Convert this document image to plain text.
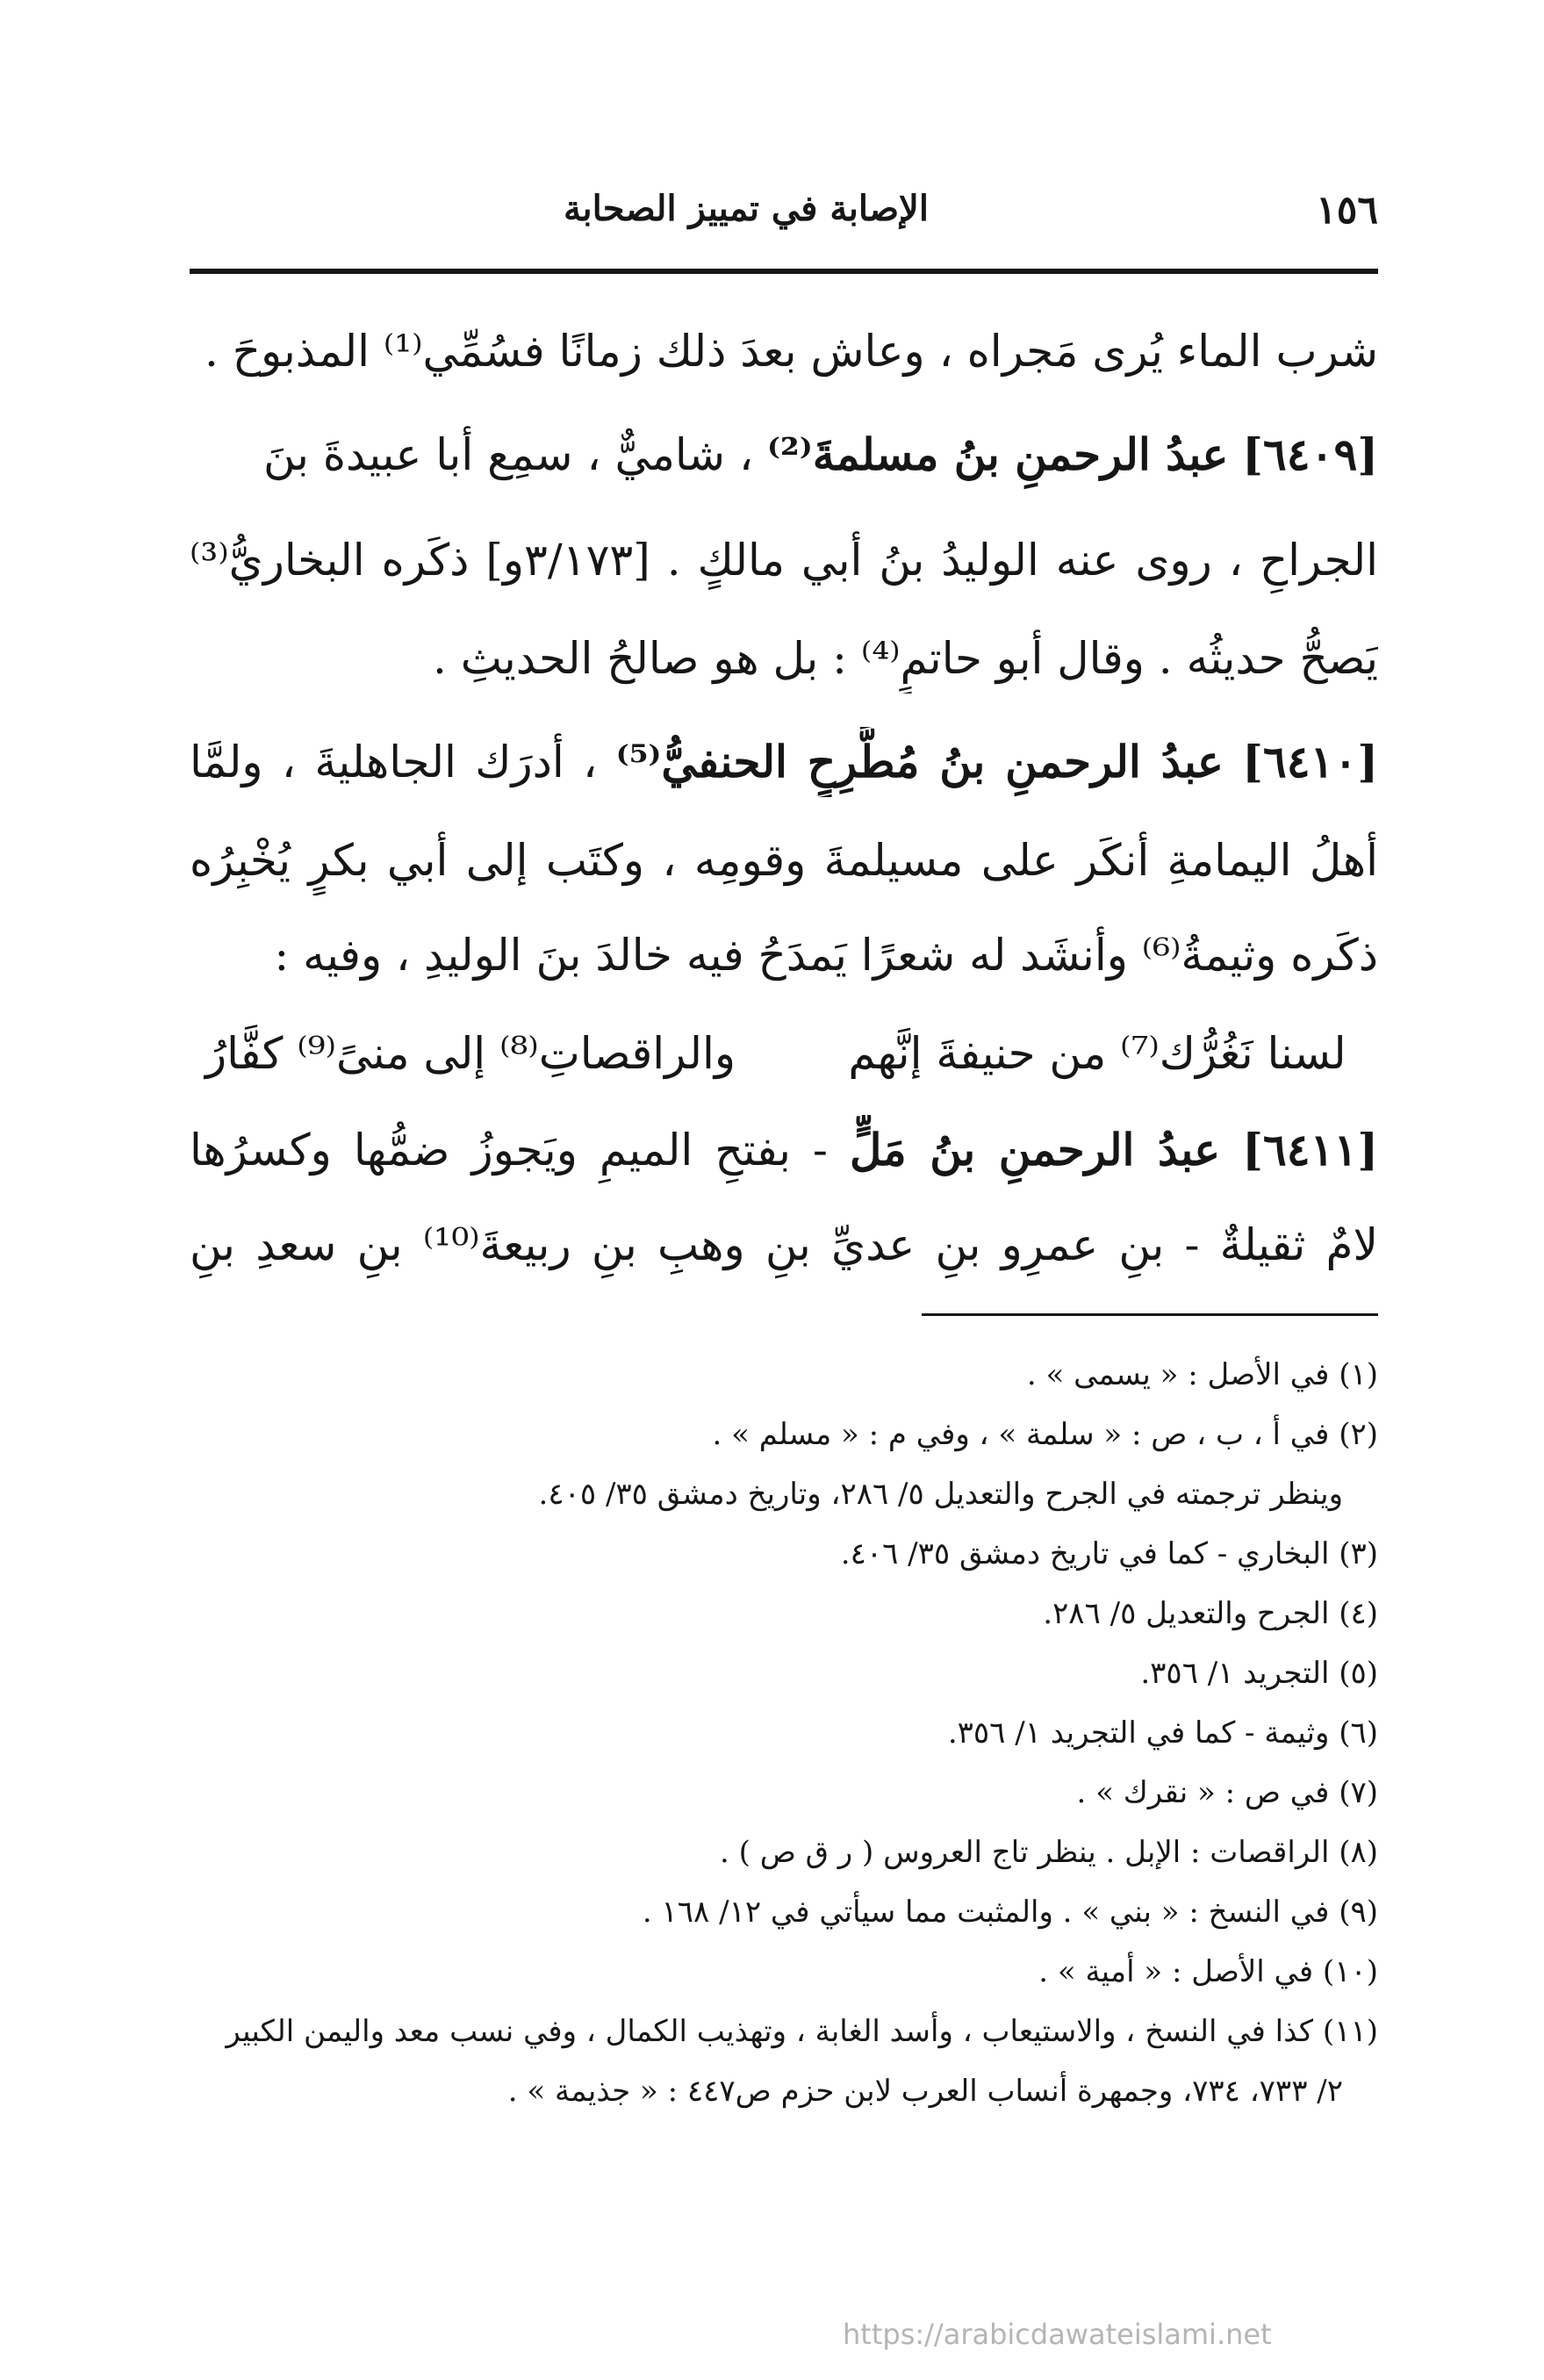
١٥٦
الإصابة في تمييز الصحابة
شرب الماء يُرى مَجراه ، وعاش بعدَ ذلك زمانًا فسُمِّي⁽¹⁾ المذبوحَ .
[٦٤٠٩] عبدُ الرحمنِ بنُ مسلمةَ⁽²⁾ ، شاميٌّ ، سمِع أبا عبيدةَ بنَ
الجراحِ ، روى عنه الوليدُ بنُ أبي مالكٍ . [٣/١٧٣و] ذكَره البخاريُّ⁽³⁾
يَصحُّ حديثُه . وقال أبو حاتمٍ⁽⁴⁾ : بل هو صالحُ الحديثِ .
[٦٤١٠] عبدُ الرحمنِ بنُ مُطَّرِحٍ الحنفيُّ⁽⁵⁾ ، أدرَك الجاهليةَ ، ولمَّا
أهلُ اليمامةِ أنكَر على مسيلمةَ وقومِه ، وكتَب إلى أبي بكرٍ يُخْبِرُه
ذكَره وثيمةُ⁽⁶⁾ وأنشَد له شعرًا يَمدَحُ فيه خالدَ بنَ الوليدِ ، وفيه :
لسنا نَغُرُّك⁽⁷⁾ من حنيفةَ إنَّهم
والراقصاتِ⁽⁸⁾ إلى منىً⁽⁹⁾ كفَّارُ
[٦٤١١] عبدُ الرحمنِ بنُ مَلٍّ - بفتحِ الميمِ ويَجوزُ ضمُّها وكسرُها
لامٌ ثقيلةٌ - بنِ عمرِو بنِ عديِّ بنِ وهبِ بنِ ربيعةَ⁽¹⁰⁾ بنِ سعدِ بنِ
(١) في الأصل : « يسمى » .
(٢) في أ ، ب ، ص : « سلمة » ، وفي م : « مسلم » .
وينظر ترجمته في الجرح والتعديل ٥/ ٢٨٦، وتاريخ دمشق ٣٥/ ٤٠٥.
(٣) البخاري - كما في تاريخ دمشق ٣٥/ ٤٠٦.
(٤) الجرح والتعديل ٥/ ٢٨٦.
(٥) التجريد ١/ ٣٥٦.
(٦) وثيمة - كما في التجريد ١/ ٣٥٦.
(٧) في ص : « نقرك » .
(٨) الراقصات : الإبل . ينظر تاج العروس ( ر ق ص ) .
(٩) في النسخ : « بني » . والمثبت مما سيأتي في ١٢/ ١٦٨ .
(١٠) في الأصل : « أمية » .
(١١) كذا في النسخ ، والاستيعاب ، وأسد الغابة ، وتهذيب الكمال ، وفي نسب معد واليمن الكبير
٢/ ٧٣٣، ٧٣٤، وجمهرة أنساب العرب لابن حزم ص٤٤٧ : « جذيمة » .
https://arabicdawateislami.net
